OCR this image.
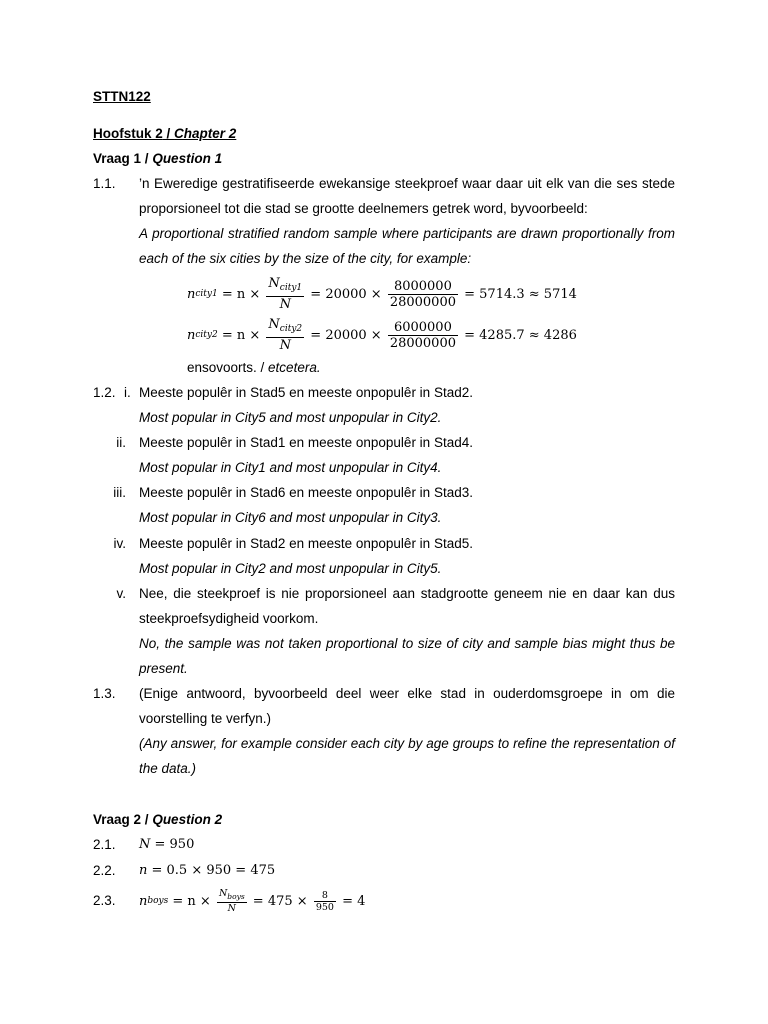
STTN122
Hoofstuk 2 / Chapter 2
Vraag 1 / Question 1
1.1. ’n Eweredige gestratifiseerde ewekansige steekproef waar daar uit elk van die ses stede proporsioneel tot die stad se grootte deelnemers getrek word, byvoorbeeld:
A proportional stratified random sample where participants are drawn proportionally from each of the six cities by the size of the city, for example:
n city1 = $n \times \frac{N_{city1}}{N} = 20000 \times \frac{8000000}{28000000} = 5714.3 \approx 5714$
n city2 = $n \times \frac{N_{city2}}{N} = 20000 \times \frac{6000000}{28000000} = 4285.7 \approx 4286$
ensovoorts. / etcetera.
1.2. i. Meeste populêr in Stad5 en meeste onpopulêr in Stad2.
Most popular in City5 and most unpopular in City2.
ii. Meeste populêr in Stad1 en meeste onpopulêr in Stad4.
Most popular in City1 and most unpopular in City4.
iii. Meeste populêr in Stad6 en meeste onpopulêr in Stad3.
Most popular in City6 and most unpopular in City3.
iv. Meeste populêr in Stad2 en meeste onpopulêr in Stad5.
Most popular in City2 and most unpopular in City5.
v. Nee, die steekproef is nie proporsioneel aan stadgrootte geneem nie en daar kan dus steekproefsydigheid voorkom.
No, the sample was not taken proportional to size of city and sample bias might thus be present.
1.3. (Enige antwoord, byvoorbeeld deel weer elke stad in ouderdomsgroepe in om die voorstelling te verfyn.)
(Any answer, for example consider each city by age groups to refine the representation of the data.)
Vraag 2 / Question 2
2.1. N = 950
2.2. n = 0.5 × 950 = 475
2.3. n boys = $n \times \frac{N_{boys}}{N} = 475 \times \frac{8}{950} = 4$
